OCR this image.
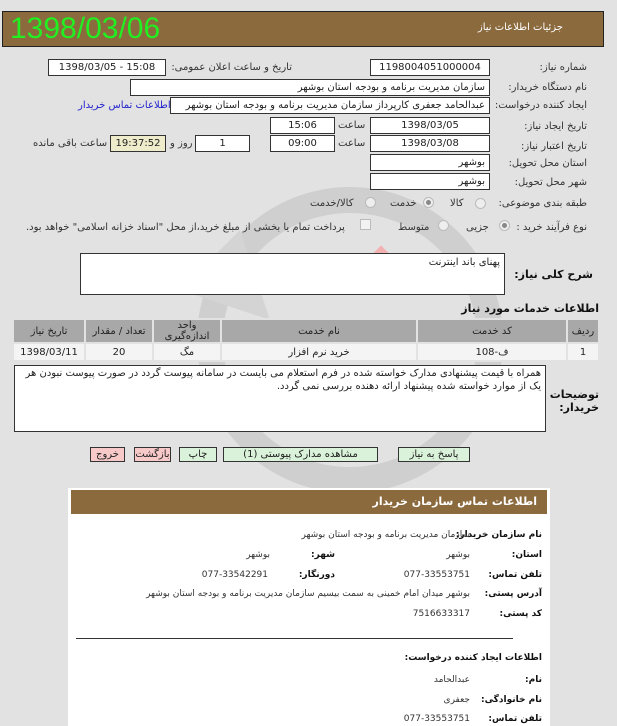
جزئیات اطلاعات نیاز
1398/03/06
شماره نیاز:
1198004051000004
تاریخ و ساعت اعلان عمومی:
1398/03/05 - 15:08
نام دستگاه خریدار:
سازمان مدیریت برنامه و بودجه استان بوشهر
ایجاد کننده درخواست:
عبدالحامد جعفری کارپرداز سازمان مدیریت برنامه و بودجه استان بوشهر
اطلاعات تماس خریدار
تاریخ ایجاد نیاز:
1398/03/05
ساعت
15:06
تاریخ اعتبار نیاز:
1398/03/08
ساعت
09:00
1
روز و
19:37:52
ساعت باقی مانده
استان محل تحویل:
بوشهر
شهر محل تحویل:
بوشهر
طبقه بندی موضوعی:
کالا
خدمت
کالا/خدمت
نوع فرآیند خرید :
جزیی
متوسط
پرداخت تمام یا بخشی از مبلغ خرید،از محل "اسناد خزانه اسلامی" خواهد بود.
شرح کلی نیاز:
پهنای باند اینترنت
اطلاعات خدمات مورد نیاز
ردیف	کد خدمت	نام خدمت	واحد اندازه‌گیری	تعداد / مقدار	تاریخ نیاز
1	ف-108	خرید نرم افزار	مگ	20	1398/03/11
توضیحات خریدار:
همراه با قیمت پیشنهادی مدارک خواسته شده در فرم استعلام می بایست در سامانه پیوست گردد در صورت پیوست نبودن هر یک از موارد خواسته شده پیشنهاد ارائه دهنده بررسی نمی گردد.
پاسخ به نیاز
مشاهده مدارک پیوستی (1)
چاپ
بازگشت
خروج
اطلاعات تماس سازمان خریدار
نام سازمان خریدار:
سازمان مدیریت برنامه و بودجه استان بوشهر
استان:
بوشهر
شهر:
بوشهر
تلفن تماس:
077-33553751
دورنگار:
077-33542291
آدرس پستی:
بوشهر میدان امام خمینی به سمت بیسیم سازمان مدیریت برنامه و بودجه استان بوشهر
کد پستی:
7516633317
اطلاعات ایجاد کننده درخواست:
نام:
عبدالحامد
نام خانوادگی:
جعفری
تلفن تماس:
077-33553751
